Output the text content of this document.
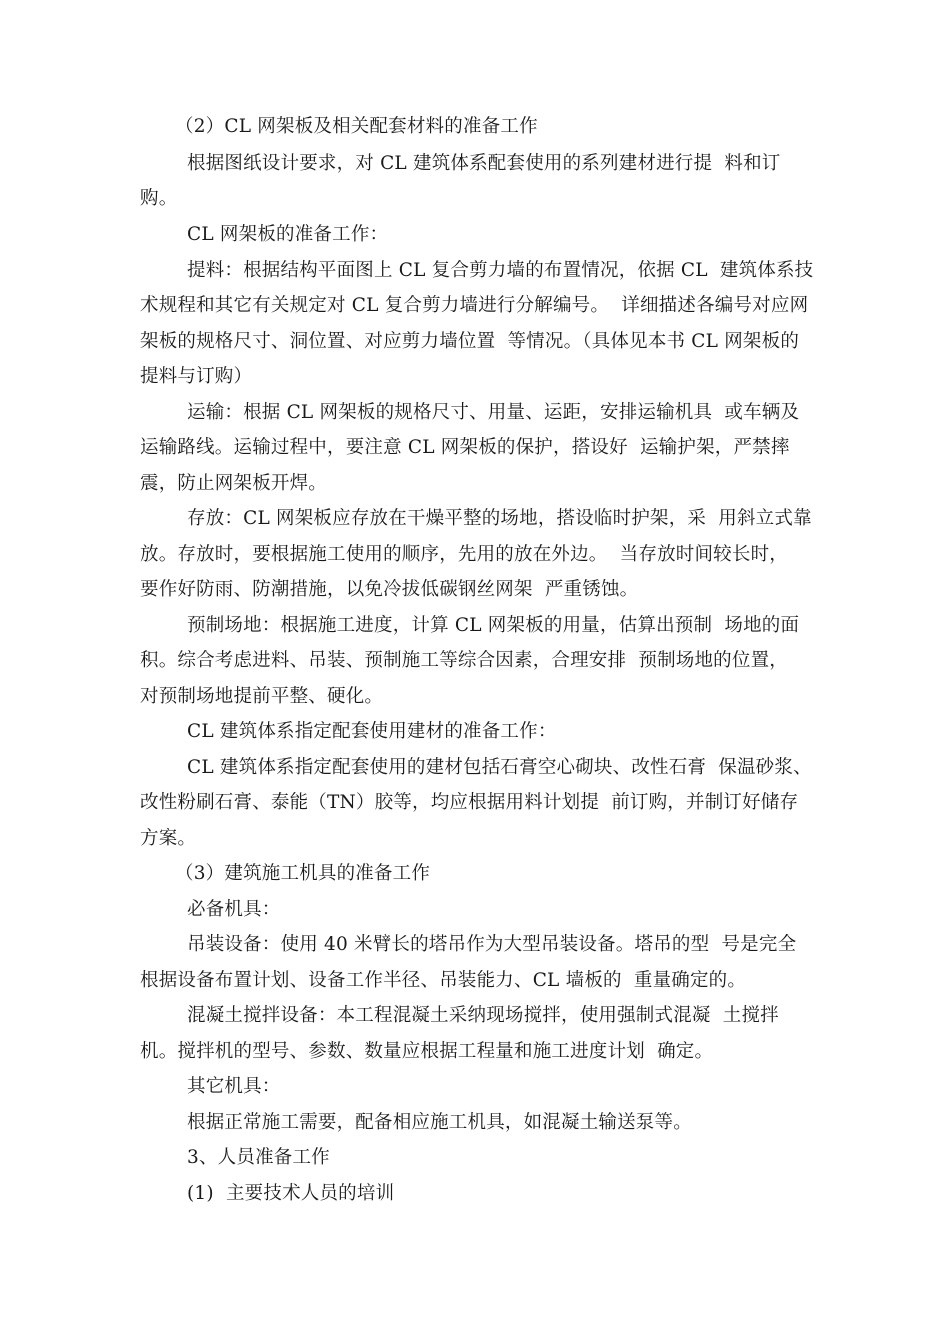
（2）CL 网架板及相关配套材料的准备工作
根据图纸设计要求，对 CL 建筑体系配套使用的系列建材进行提  料和订
购。
CL 网架板的准备工作：
提料：根据结构平面图上 CL 复合剪力墙的布置情况，依据 CL  建筑体系技
术规程和其它有关规定对 CL 复合剪力墙进行分解编号。  详细描述各编号对应网
架板的规格尺寸、洞位置、对应剪力墙位置  等情况。（具体见本书 CL 网架板的
提料与订购）
运输：根据 CL 网架板的规格尺寸、用量、运距，安排运输机具  或车辆及
运输路线。运输过程中，要注意 CL 网架板的保护，搭设好  运输护架，严禁摔
震，防止网架板开焊。
存放：CL 网架板应存放在干燥平整的场地，搭设临时护架，采  用斜立式靠
放。存放时，要根据施工使用的顺序，先用的放在外边。  当存放时间较长时，
要作好防雨、防潮措施，以免冷拔低碳钢丝网架  严重锈蚀。
预制场地：根据施工进度，计算 CL 网架板的用量，估算出预制  场地的面
积。综合考虑进料、吊装、预制施工等综合因素，合理安排  预制场地的位置，
对预制场地提前平整、硬化。
CL 建筑体系指定配套使用建材的准备工作：
CL 建筑体系指定配套使用的建材包括石膏空心砌块、改性石膏  保温砂浆、
改性粉刷石膏、泰能（TN）胶等，均应根据用料计划提  前订购，并制订好储存
方案。
（3）建筑施工机具的准备工作
必备机具：
吊装设备：使用 40 米臂长的塔吊作为大型吊装设备。塔吊的型  号是完全
根据设备布置计划、设备工作半径、吊装能力、CL 墙板的  重量确定的。
混凝土搅拌设备：本工程混凝土采纳现场搅拌，使用强制式混凝  土搅拌
机。搅拌机的型号、参数、数量应根据工程量和施工进度计划  确定。
其它机具：
根据正常施工需要，配备相应施工机具，如混凝土输送泵等。
3、人员准备工作
(1)  主要技术人员的培训
